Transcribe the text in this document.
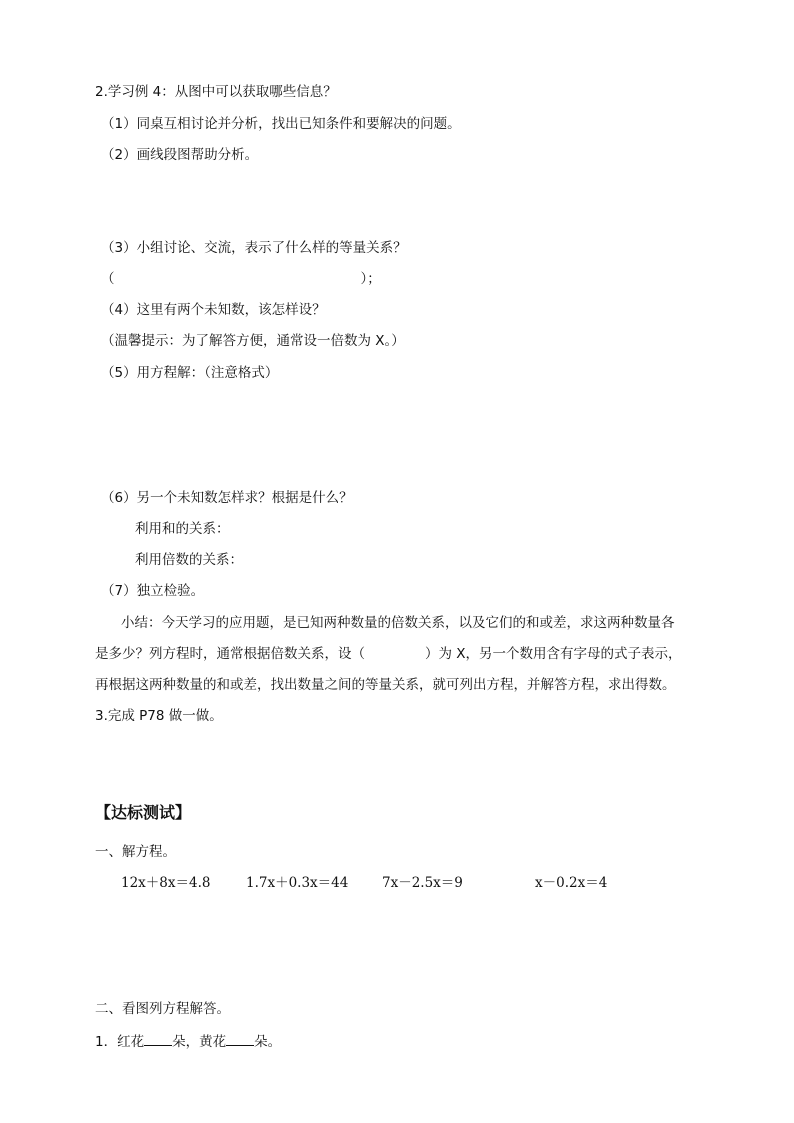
2.学习例 4：从图中可以获取哪些信息？
（1）同桌互相讨论并分析，找出已知条件和要解决的问题。
（2）画线段图帮助分析。
（3）小组讨论、交流，表示了什么样的等量关系？
（	）；
（4）这里有两个未知数，该怎样设？
（温馨提示：为了解答方便，通常设一倍数为 X。）
（5）用方程解：（注意格式）
（6）另一个未知数怎样求？根据是什么？
利用和的关系：
利用倍数的关系：
（7）独立检验。
小结：今天学习的应用题，是已知两种数量的倍数关系，以及它们的和或差，求这两种数量各
是多少？列方程时，通常根据倍数关系，设（	）为 X，另一个数用含有字母的式子表示，
再根据这两种数量的和或差，找出数量之间的等量关系，就可列出方程，并解答方程，求出得数。
3.完成 P78 做一做。
【达标测试】
一、解方程。
12x＋8x＝4.8	1.7x＋0.3x＝44 7x－2.5x＝9	x－0.2x＝4
二、看图列方程解答。
1．红花 朵，黄花 朵。
